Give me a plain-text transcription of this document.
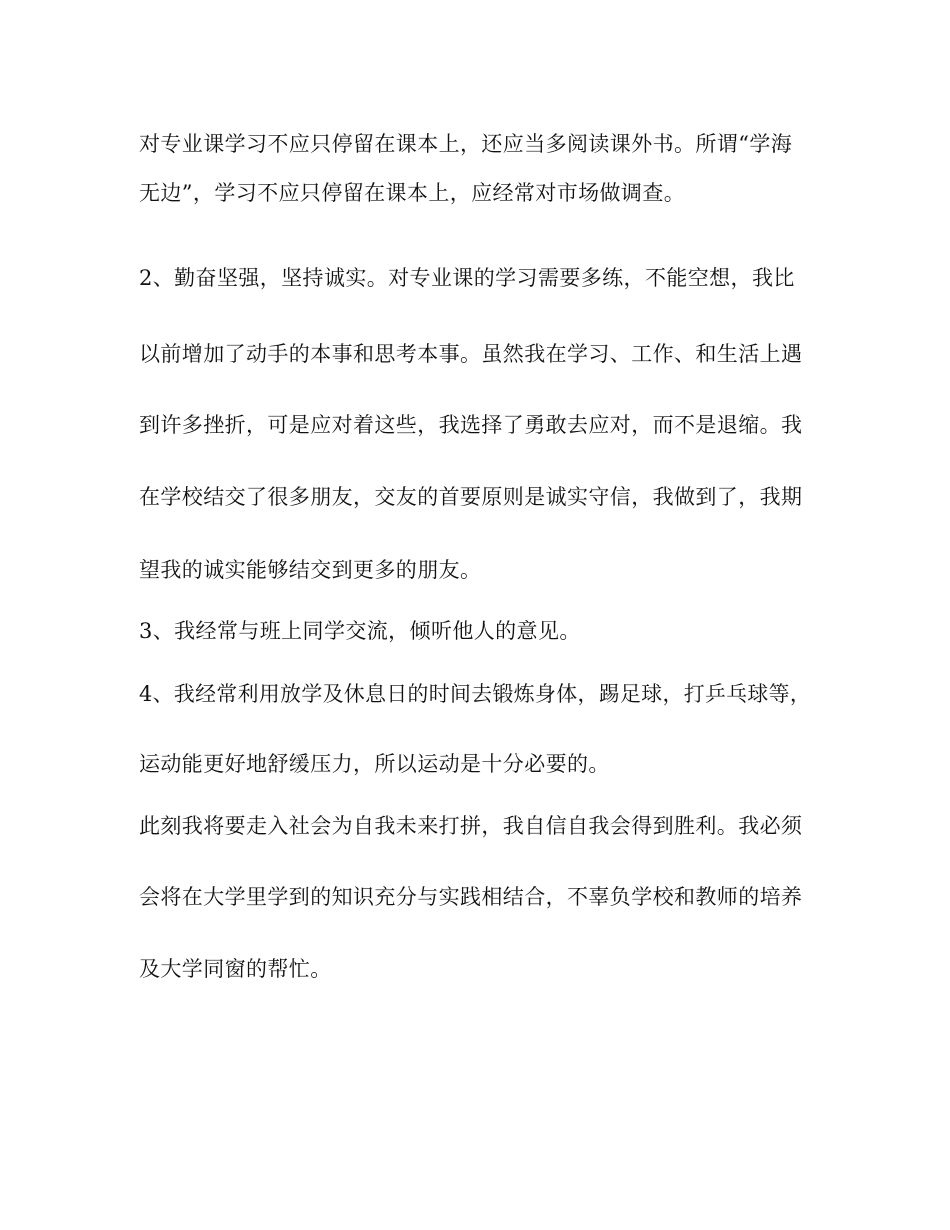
对专业课学习不应只停留在课本上，还应当多阅读课外书。所谓“学海
无边”，学习不应只停留在课本上，应经常对市场做调查。
2、勤奋坚强，坚持诚实。对专业课的学习需要多练，不能空想，我比
以前增加了动手的本事和思考本事。虽然我在学习、工作、和生活上遇
到许多挫折，可是应对着这些，我选择了勇敢去应对，而不是退缩。我
在学校结交了很多朋友，交友的首要原则是诚实守信，我做到了，我期
望我的诚实能够结交到更多的朋友。
3、我经常与班上同学交流，倾听他人的意见。
4、我经常利用放学及休息日的时间去锻炼身体，踢足球，打乒乓球等，
运动能更好地舒缓压力，所以运动是十分必要的。
此刻我将要走入社会为自我未来打拼，我自信自我会得到胜利。我必须
会将在大学里学到的知识充分与实践相结合，不辜负学校和教师的培养
及大学同窗的帮忙。
